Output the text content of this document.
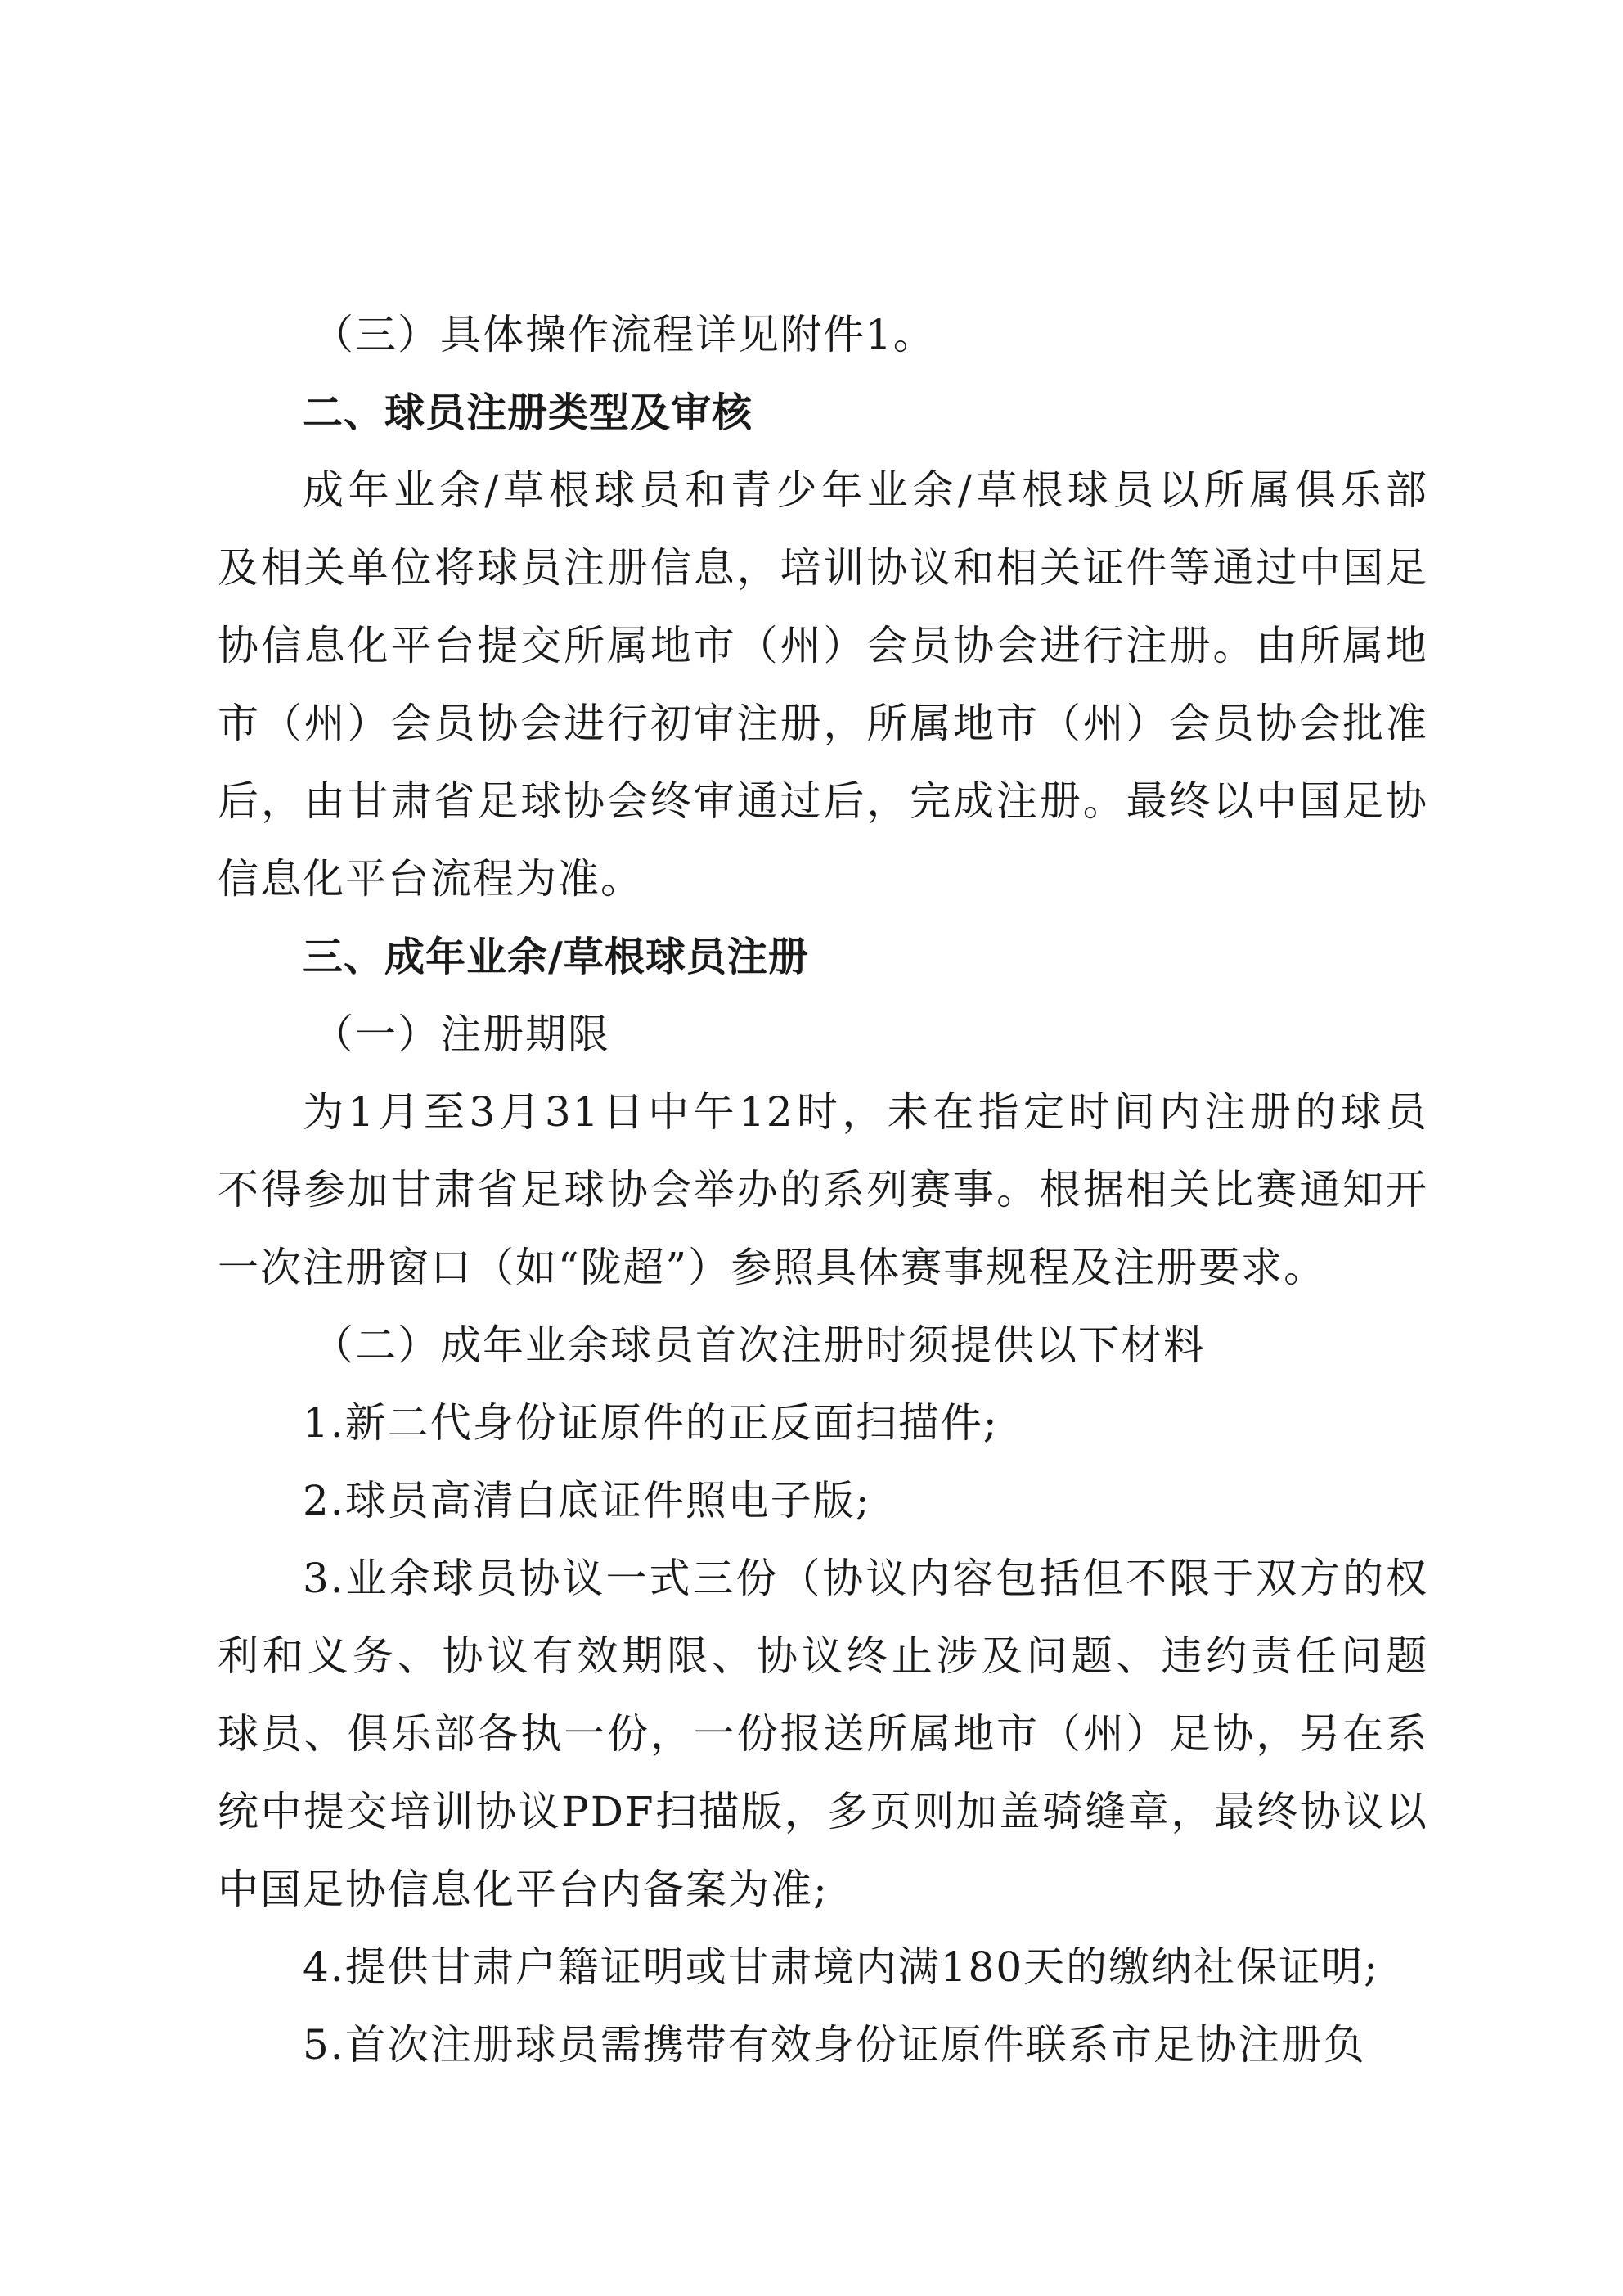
（三）具体操作流程详见附件1。
二、球员注册类型及审核
成年业余/草根球员和青少年业余/草根球员以所属俱乐部
及相关单位将球员注册信息，培训协议和相关证件等通过中国足
协信息化平台提交所属地市（州）会员协会进行注册。由所属地
市（州）会员协会进行初审注册，所属地市（州）会员协会批准
后，由甘肃省足球协会终审通过后，完成注册。最终以中国足协
信息化平台流程为准。
三、成年业余/草根球员注册
（一）注册期限
为1月至3月31日中午12时，未在指定时间内注册的球员
不得参加甘肃省足球协会举办的系列赛事。根据相关比赛通知开
一次注册窗口（如“陇超”）参照具体赛事规程及注册要求。
（二）成年业余球员首次注册时须提供以下材料
1.新二代身份证原件的正反面扫描件;
2.球员高清白底证件照电子版;
3.业余球员协议一式三份（协议内容包括但不限于双方的权
利和义务、协议有效期限、协议终止涉及问题、违约责任问题
球员、俱乐部各执一份，一份报送所属地市（州）足协，另在系
统中提交培训协议PDF扫描版，多页则加盖骑缝章，最终协议以
中国足协信息化平台内备案为准;
4.提供甘肃户籍证明或甘肃境内满180天的缴纳社保证明;
5.首次注册球员需携带有效身份证原件联系市足协注册负
